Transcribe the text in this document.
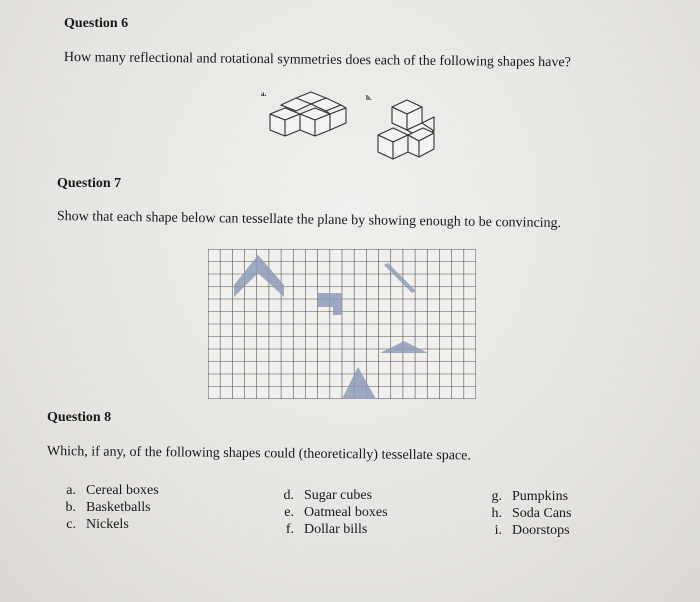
Question 6
How many reflectional and rotational symmetries does each of the following shapes have?
a.	b.
Question 7
Show that each shape below can tessellate the plane by showing enough to be convincing.
Question 8
Which, if any, of the following shapes could (theoretically) tessellate space.
a. Cereal boxes
b. Basketballs
c. Nickels
d. Sugar cubes
e. Oatmeal boxes
f. Dollar bills
g. Pumpkins
h. Soda Cans
i. Doorstops
